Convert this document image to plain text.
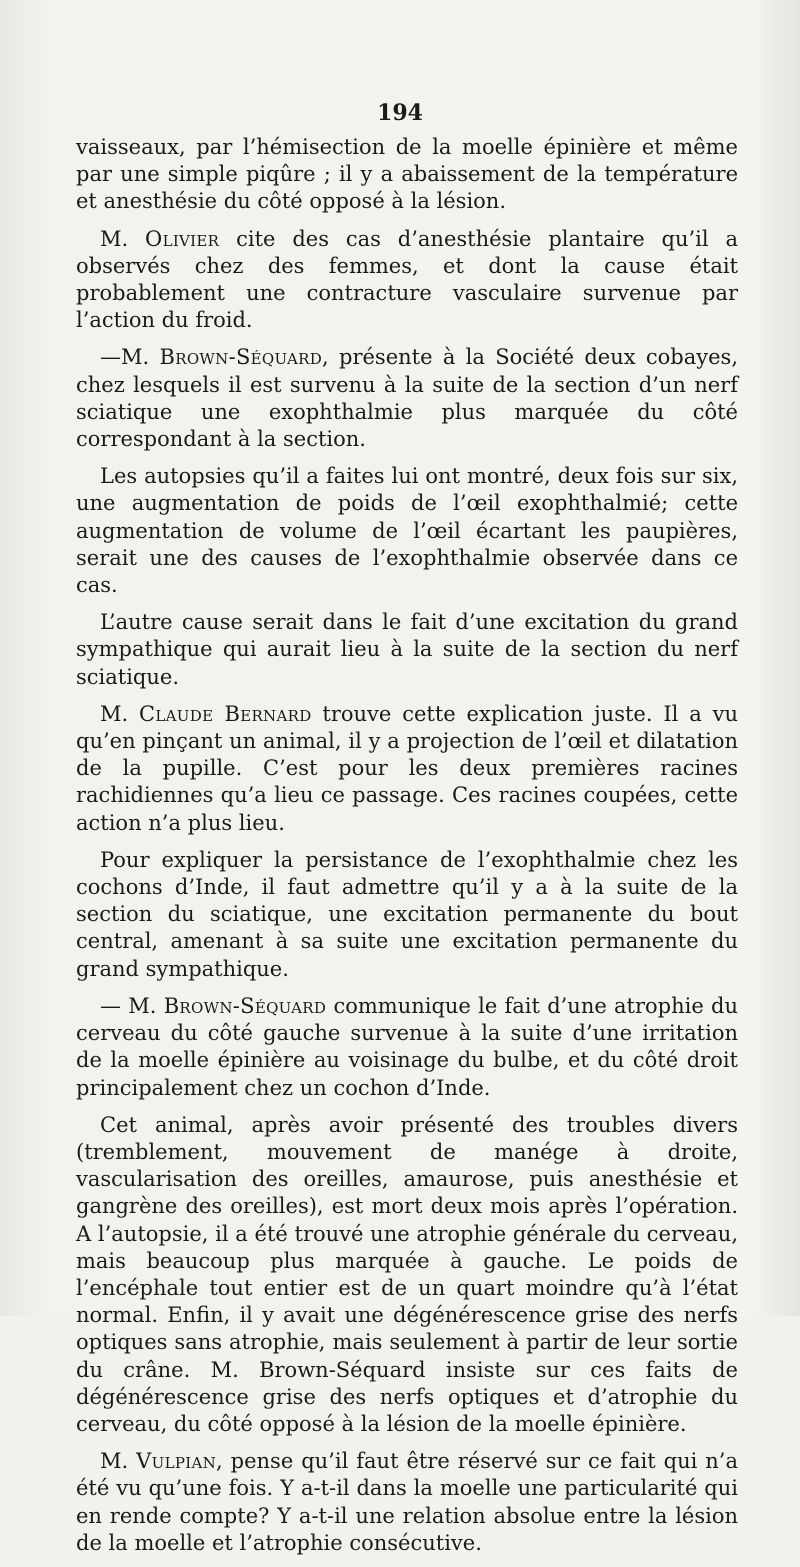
194

vaisseaux, par l’hémisection de la moelle épinière et même par une simple piqûre ; il y a abaissement de la température et anesthésie du côté opposé à la lésion.

M. Olivier cite des cas d’anesthésie plantaire qu’il a observés chez des femmes, et dont la cause était probablement une contracture vasculaire survenue par l’action du froid.

—M. Brown-Séquard, présente à la Société deux cobayes, chez lesquels il est survenu à la suite de la section d’un nerf sciatique une exophthalmie plus marquée du côté correspondant à la section.

Les autopsies qu’il a faites lui ont montré, deux fois sur six, une augmentation de poids de l’œil exophthalmié; cette augmentation de volume de l’œil écartant les paupières, serait une des causes de l’exophthalmie observée dans ce cas.

L’autre cause serait dans le fait d’une excitation du grand sympathique qui aurait lieu à la suite de la section du nerf sciatique.

M. Claude Bernard trouve cette explication juste. Il a vu qu’en pinçant un animal, il y a projection de l’œil et dilatation de la pupille. C’est pour les deux premières racines rachidiennes qu’a lieu ce passage. Ces racines coupées, cette action n’a plus lieu.

Pour expliquer la persistance de l’exophthalmie chez les cochons d’Inde, il faut admettre qu’il y a à la suite de la section du sciatique, une excitation permanente du bout central, amenant à sa suite une excitation permanente du grand sympathique.

— M. Brown-Séquard communique le fait d’une atrophie du cerveau du côté gauche survenue à la suite d’une irritation de la moelle épinière au voisinage du bulbe, et du côté droit principalement chez un cochon d’Inde.

Cet animal, après avoir présenté des troubles divers (tremblement, mouvement de manége à droite, vascularisation des oreilles, amaurose, puis anesthésie et gangrène des oreilles), est mort deux mois après l’opération. A l’autopsie, il a été trouvé une atrophie générale du cerveau, mais beaucoup plus marquée à gauche. Le poids de l’encéphale tout entier est de un quart moindre qu’à l’état normal. Enfin, il y avait une dégénérescence grise des nerfs optiques sans atrophie, mais seulement à partir de leur sortie du crâne. M. Brown-Séquard insiste sur ces faits de dégénérescence grise des nerfs optiques et d’atrophie du cerveau, du côté opposé à la lésion de la moelle épinière.

M. Vulpian, pense qu’il faut être réservé sur ce fait qui n’a été vu qu’une fois. Y a-t-il dans la moelle une particularité qui en rende compte? Y a-t-il une relation absolue entre la lésion de la moelle et l’atrophie consécutive.
